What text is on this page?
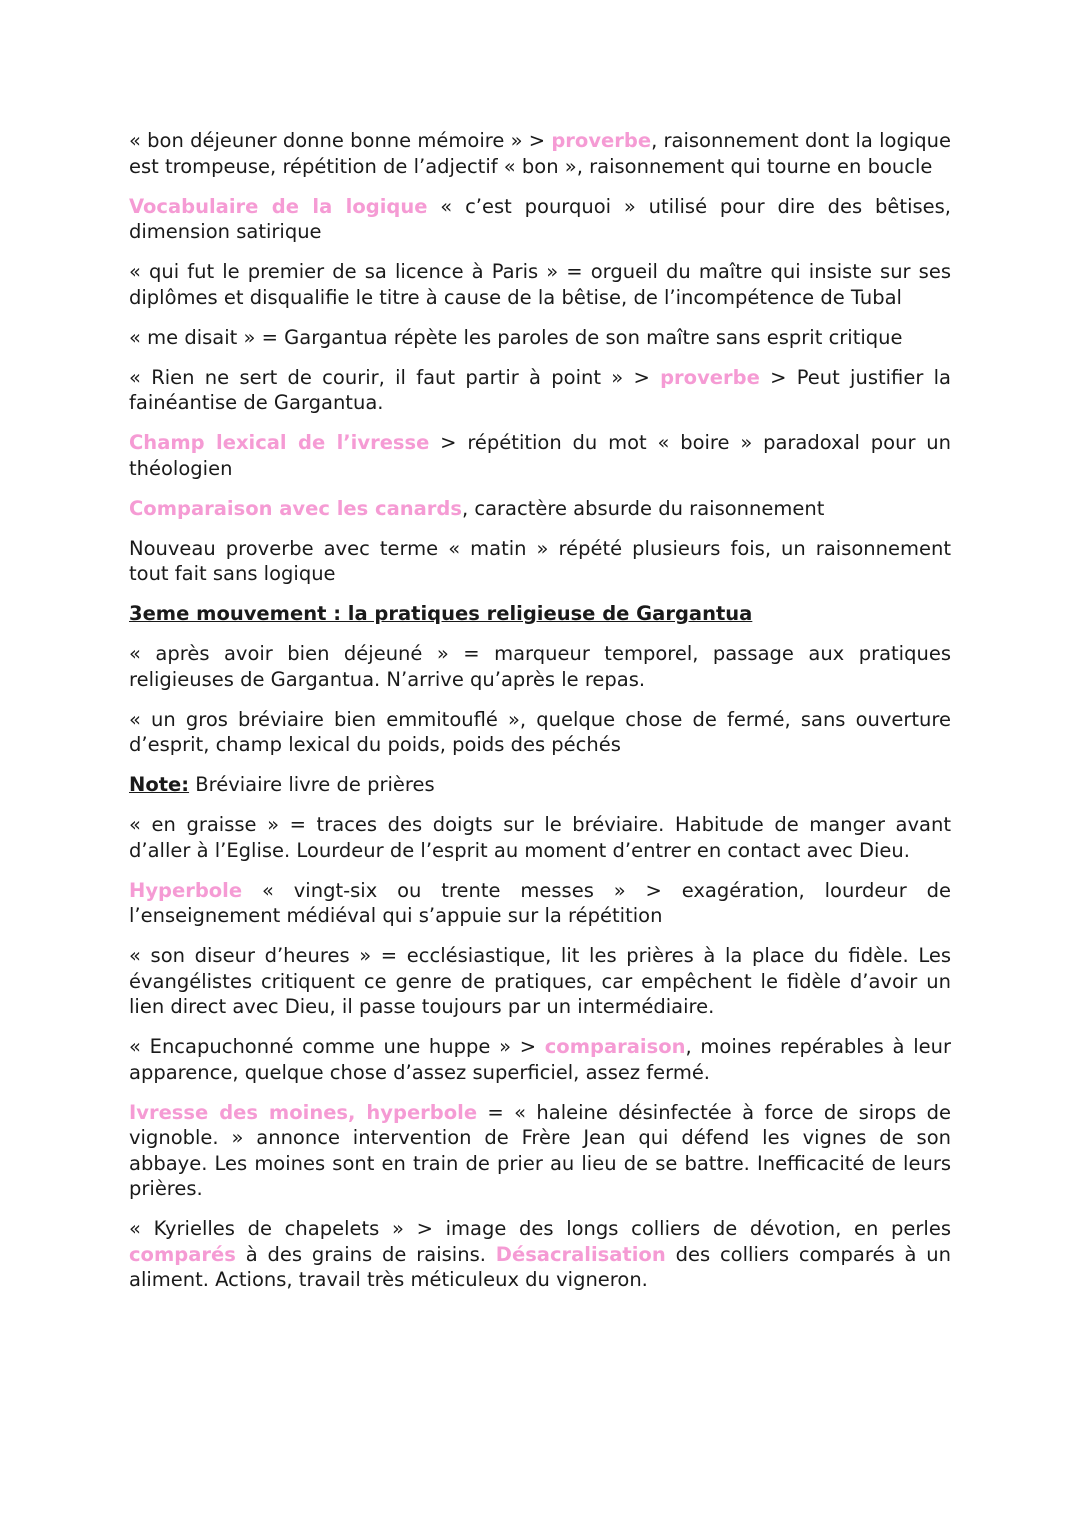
« bon déjeuner donne bonne mémoire » > proverbe, raisonnement dont la logique est trompeuse, répétition de l’adjectif « bon », raisonnement qui tourne en boucle

Vocabulaire de la logique « c’est pourquoi » utilisé pour dire des bêtises, dimension satirique

« qui fut le premier de sa licence à Paris » = orgueil du maître qui insiste sur ses diplômes et disqualifie le titre à cause de la bêtise, de l’incompétence de Tubal

« me disait » = Gargantua répète les paroles de son maître sans esprit critique

« Rien ne sert de courir, il faut partir à point » > proverbe > Peut justifier la fainéantise de Gargantua.

Champ lexical de l’ivresse > répétition du mot « boire » paradoxal pour un théologien

Comparaison avec les canards, caractère absurde du raisonnement

Nouveau proverbe avec terme « matin » répété plusieurs fois, un raisonnement tout fait sans logique

3eme mouvement : la pratiques religieuse de Gargantua

« après avoir bien déjeuné » = marqueur temporel, passage aux pratiques religieuses de Gargantua. N’arrive qu’après le repas.

« un gros bréviaire bien emmitouflé », quelque chose de fermé, sans ouverture d’esprit, champ lexical du poids, poids des péchés

Note: Bréviaire livre de prières

« en graisse » = traces des doigts sur le bréviaire. Habitude de manger avant d’aller à l’Eglise. Lourdeur de l’esprit au moment d’entrer en contact avec Dieu.

Hyperbole « vingt-six ou trente messes » > exagération, lourdeur de l’enseignement médiéval qui s’appuie sur la répétition

« son diseur d’heures » = ecclésiastique, lit les prières à la place du fidèle. Les évangélistes critiquent ce genre de pratiques, car empêchent le fidèle d’avoir un lien direct avec Dieu, il passe toujours par un intermédiaire.

« Encapuchonné comme une huppe » > comparaison, moines repérables à leur apparence, quelque chose d’assez superficiel, assez fermé.

Ivresse des moines, hyperbole = « haleine désinfectée à force de sirops de vignoble. » annonce intervention de Frère Jean qui défend les vignes de son abbaye. Les moines sont en train de prier au lieu de se battre. Inefficacité de leurs prières.

« Kyrielles de chapelets » > image des longs colliers de dévotion, en perles comparés à des grains de raisins. Désacralisation des colliers comparés à un aliment. Actions, travail très méticuleux du vigneron.
